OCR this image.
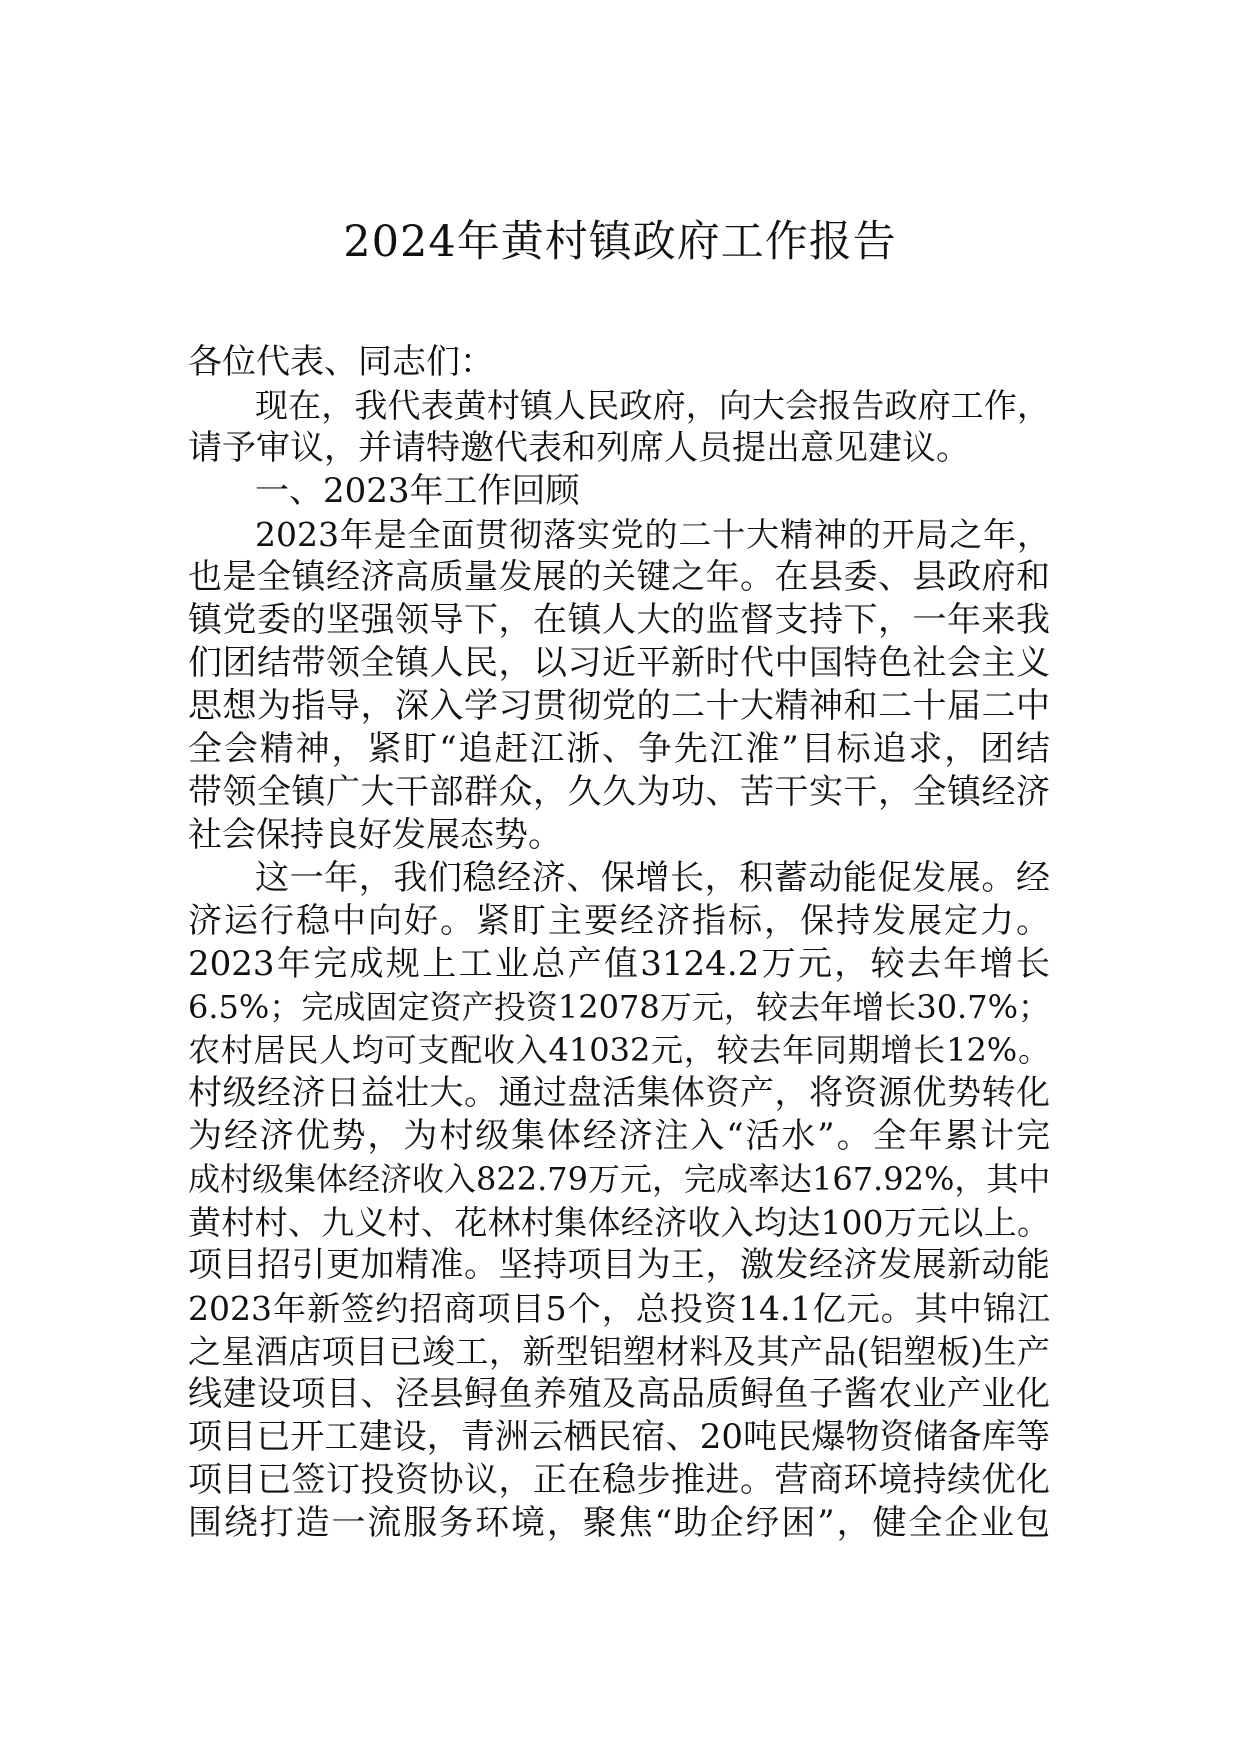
2024年黄村镇政府工作报告
各位代表、同志们：
现在，我代表黄村镇人民政府，向大会报告政府工作，
请予审议，并请特邀代表和列席人员提出意见建议。
一、2023年工作回顾
2023年是全面贯彻落实党的二十大精神的开局之年，
也是全镇经济高质量发展的关键之年。在县委、县政府和
镇党委的坚强领导下，在镇人大的监督支持下，一年来我
们团结带领全镇人民，以习近平新时代中国特色社会主义
思想为指导，深入学习贯彻党的二十大精神和二十届二中
全会精神，紧盯“追赶江浙、争先江淮”目标追求，团结
带领全镇广大干部群众，久久为功、苦干实干，全镇经济
社会保持良好发展态势。
这一年，我们稳经济、保增长，积蓄动能促发展。经
济运行稳中向好。紧盯主要经济指标，保持发展定力。
2023年完成规上工业总产值3124.2万元，较去年增长
6.5%；完成固定资产投资12078万元，较去年增长30.7%；
农村居民人均可支配收入41032元，较去年同期增长12%。
村级经济日益壮大。通过盘活集体资产，将资源优势转化
为经济优势，为村级集体经济注入“活水”。全年累计完
成村级集体经济收入822.79万元，完成率达167.92%，其中
黄村村、九义村、花林村集体经济收入均达100万元以上。
项目招引更加精准。坚持项目为王，激发经济发展新动能
2023年新签约招商项目5个，总投资14.1亿元。其中锦江
之星酒店项目已竣工，新型铝塑材料及其产品(铝塑板)生产
线建设项目、泾县鲟鱼养殖及高品质鲟鱼子酱农业产业化
项目已开工建设，青洲云栖民宿、20吨民爆物资储备库等
项目已签订投资协议，正在稳步推进。营商环境持续优化
围绕打造一流服务环境，聚焦“助企纾困”，健全企业包
